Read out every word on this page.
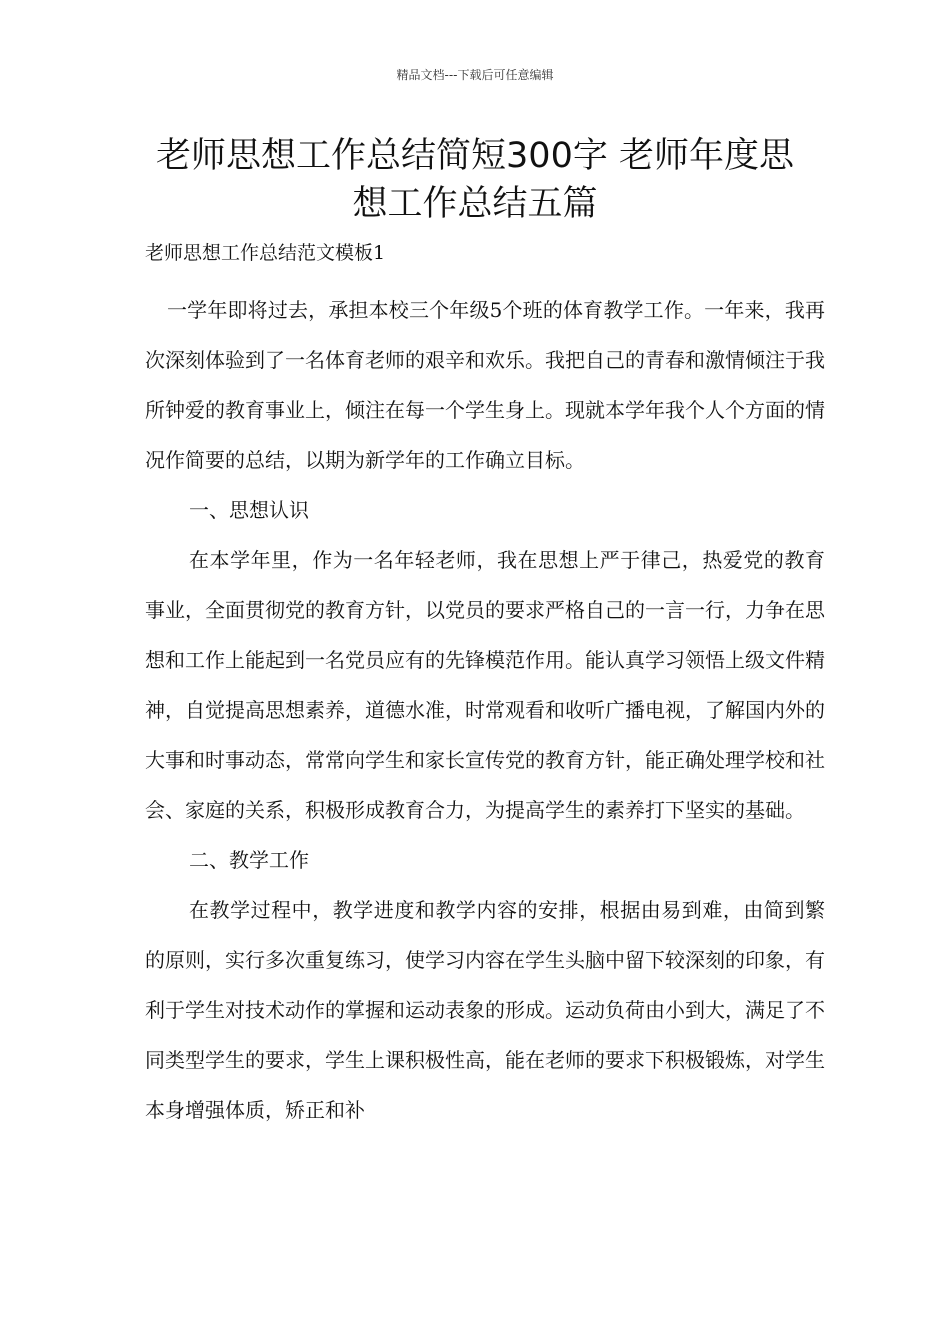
精品文档---下载后可任意编辑
老师思想工作总结简短300字 老师年度思想工作总结五篇
老师思想工作总结范文模板1

一学年即将过去，承担本校三个年级5个班的体育教学工作。一年来，我再次深刻体验到了一名体育老师的艰辛和欢乐。我把自己的青春和激情倾注于我所钟爱的教育事业上，倾注在每一个学生身上。现就本学年我个人个方面的情况作简要的总结，以期为新学年的工作确立目标。

一、思想认识

在本学年里，作为一名年轻老师，我在思想上严于律己，热爱党的教育事业，全面贯彻党的教育方针，以党员的要求严格自己的一言一行，力争在思想和工作上能起到一名党员应有的先锋模范作用。能认真学习领悟上级文件精神，自觉提高思想素养，道德水准，时常观看和收听广播电视，了解国内外的大事和时事动态，常常向学生和家长宣传党的教育方针，能正确处理学校和社会、家庭的关系，积极形成教育合力，为提高学生的素养打下坚实的基础。

二、教学工作

在教学过程中，教学进度和教学内容的安排，根据由易到难，由简到繁的原则，实行多次重复练习，使学习内容在学生头脑中留下较深刻的印象，有利于学生对技术动作的掌握和运动表象的形成。运动负荷由小到大，满足了不同类型学生的要求，学生上课积极性高，能在老师的要求下积极锻炼，对学生本身增强体质，矫正和补
